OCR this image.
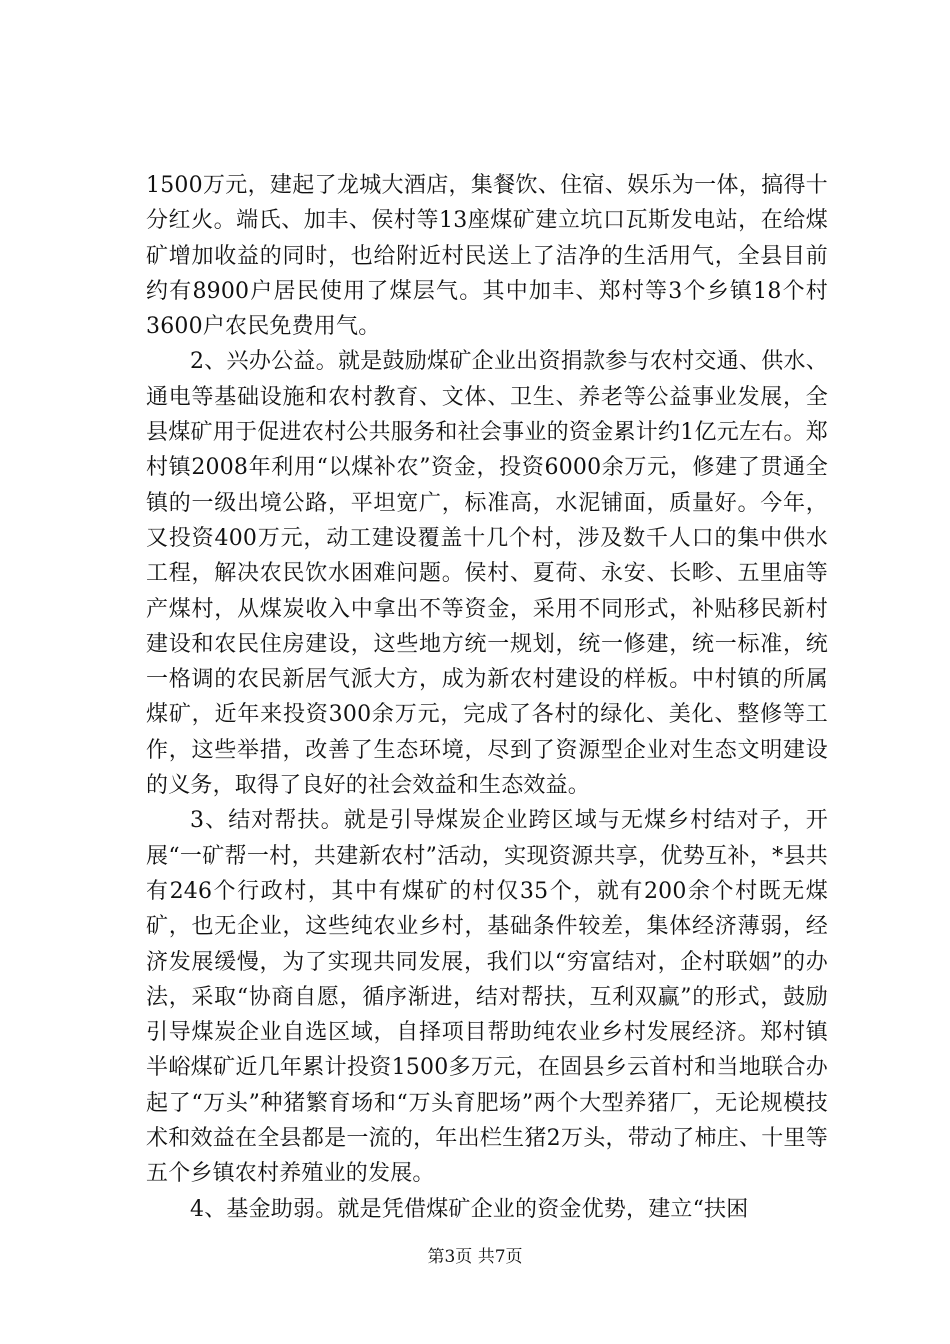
1500万元，建起了龙城大酒店，集餐饮、住宿、娱乐为一体，搞得十分红火。端氏、加丰、侯村等13座煤矿建立坑口瓦斯发电站，在给煤矿增加收益的同时，也给附近村民送上了洁净的生活用气，全县目前约有8900户居民使用了煤层气。其中加丰、郑村等3个乡镇18个村3600户农民免费用气。

2、兴办公益。就是鼓励煤矿企业出资捐款参与农村交通、供水、通电等基础设施和农村教育、文体、卫生、养老等公益事业发展，全县煤矿用于促进农村公共服务和社会事业的资金累计约1亿元左右。郑村镇2008年利用“以煤补农”资金，投资6000余万元，修建了贯通全镇的一级出境公路，平坦宽广，标准高，水泥铺面，质量好。今年，又投资400万元，动工建设覆盖十几个村，涉及数千人口的集中供水工程，解决农民饮水困难问题。侯村、夏荷、永安、长畛、五里庙等产煤村，从煤炭收入中拿出不等资金，采用不同形式，补贴移民新村建设和农民住房建设，这些地方统一规划，统一修建，统一标准，统一格调的农民新居气派大方，成为新农村建设的样板。中村镇的所属煤矿，近年来投资300余万元，完成了各村的绿化、美化、整修等工作，这些举措，改善了生态环境，尽到了资源型企业对生态文明建设的义务，取得了良好的社会效益和生态效益。

3、结对帮扶。就是引导煤炭企业跨区域与无煤乡村结对子，开展“一矿帮一村，共建新农村”活动，实现资源共享，优势互补，*县共有246个行政村，其中有煤矿的村仅35个，就有200余个村既无煤矿，也无企业，这些纯农业乡村，基础条件较差，集体经济薄弱，经济发展缓慢，为了实现共同发展，我们以“穷富结对，企村联姻”的办法，采取“协商自愿，循序渐进，结对帮扶，互利双赢”的形式，鼓励引导煤炭企业自选区域，自择项目帮助纯农业乡村发展经济。郑村镇半峪煤矿近几年累计投资1500多万元，在固县乡云首村和当地联合办起了“万头”种猪繁育场和“万头育肥场”两个大型养猪厂，无论规模技术和效益在全县都是一流的，年出栏生猪2万头，带动了柿庄、十里等五个乡镇农村养殖业的发展。

4、基金助弱。就是凭借煤矿企业的资金优势，建立“扶困

第3页 共7页
